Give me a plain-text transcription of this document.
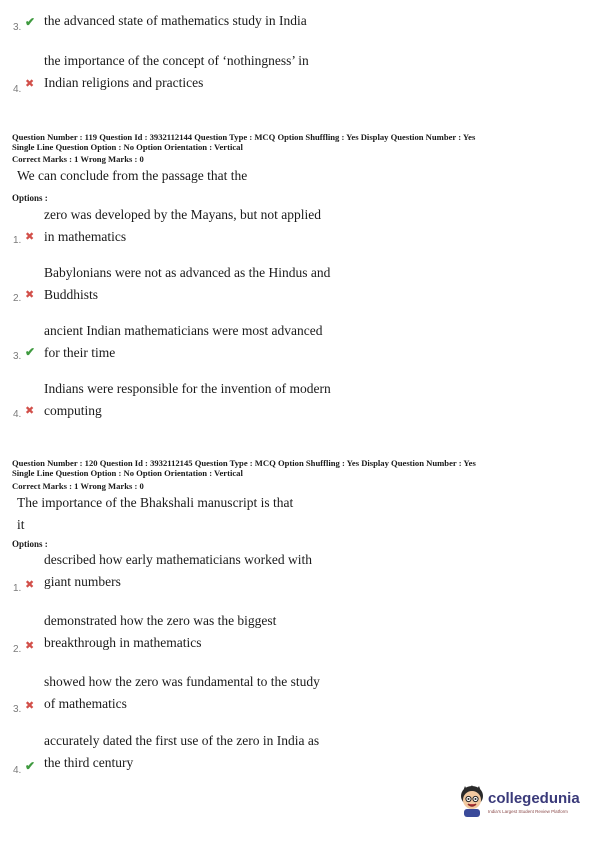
3. ✔ the advanced state of mathematics study in India
the importance of the concept of ‘nothingness’ in
4. ✖ Indian religions and practices
Question Number : 119 Question Id : 3932112144 Question Type : MCQ Option Shuffling : Yes Display Question Number : Yes
Single Line Question Option : No Option Orientation : Vertical
Correct Marks : 1 Wrong Marks : 0
We can conclude from the passage that the
Options :
zero was developed by the Mayans, but not applied
1. ✖ in mathematics
Babylonians were not as advanced as the Hindus and
2. ✖ Buddhists
ancient Indian mathematicians were most advanced
3. ✔ for their time
Indians were responsible for the invention of modern
4. ✖ computing
Question Number : 120 Question Id : 3932112145 Question Type : MCQ Option Shuffling : Yes Display Question Number : Yes
Single Line Question Option : No Option Orientation : Vertical
Correct Marks : 1 Wrong Marks : 0
The importance of the Bhakshali manuscript is that
it
Options :
described how early mathematicians worked with
1. ✖ giant numbers
demonstrated how the zero was the biggest
2. ✖ breakthrough in mathematics
showed how the zero was fundamental to the study
3. ✖ of mathematics
accurately dated the first use of the zero in India as
4. ✔ the third century
collegedunia
India's Largest Student Review Platform
